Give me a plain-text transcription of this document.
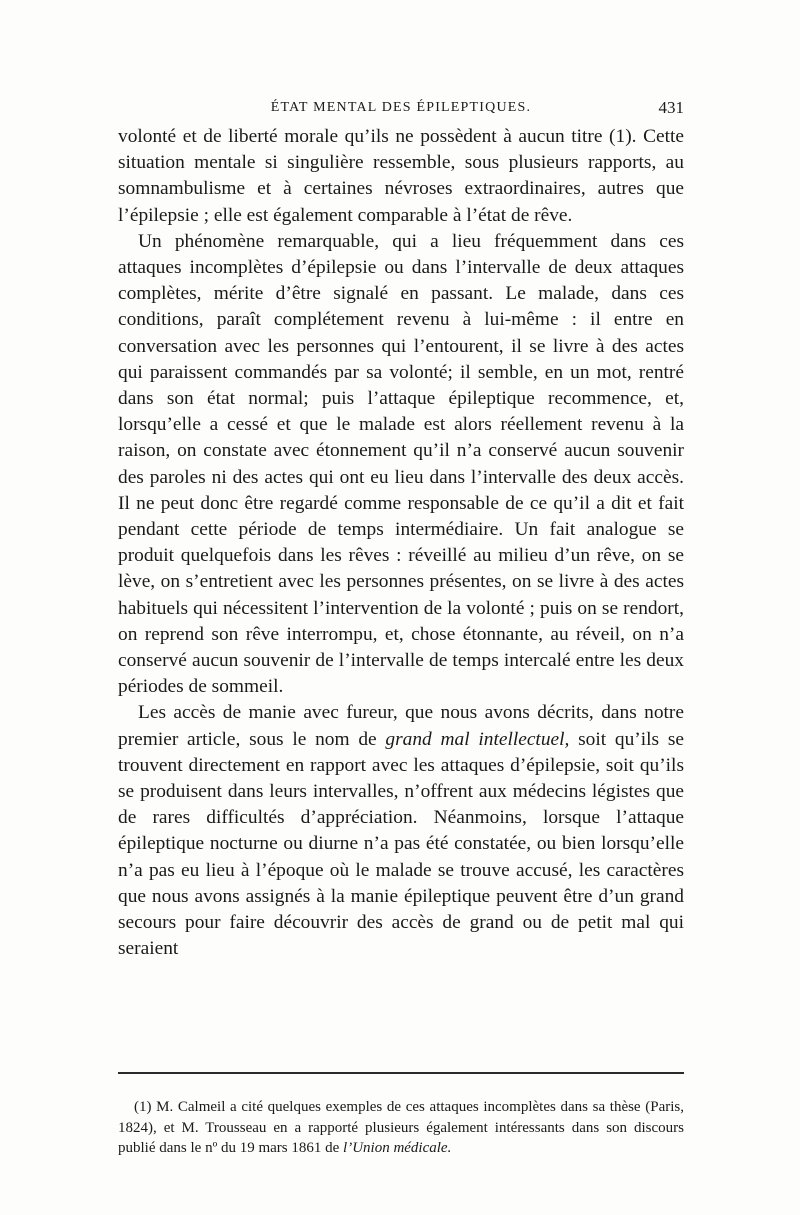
ÉTAT MENTAL DES ÉPILEPTIQUES.	431

volonté et de liberté morale qu’ils ne possèdent à aucun titre (1). Cette situation mentale si singulière ressemble, sous plusieurs rapports, au somnambulisme et à certaines névroses extraordinaires, autres que l’épilepsie ; elle est également comparable à l’état de rêve.

Un phénomène remarquable, qui a lieu fréquemment dans ces attaques incomplètes d’épilepsie ou dans l’intervalle de deux attaques complètes, mérite d’être signalé en passant. Le malade, dans ces conditions, paraît complétement revenu à lui-même : il entre en conversation avec les personnes qui l’entourent, il se livre à des actes qui paraissent commandés par sa volonté; il semble, en un mot, rentré dans son état normal; puis l’attaque épileptique recommence, et, lorsqu’elle a cessé et que le malade est alors réellement revenu à la raison, on constate avec étonnement qu’il n’a conservé aucun souvenir des paroles ni des actes qui ont eu lieu dans l’intervalle des deux accès. Il ne peut donc être regardé comme responsable de ce qu’il a dit et fait pendant cette période de temps intermédiaire. Un fait analogue se produit quelquefois dans les rêves : réveillé au milieu d’un rêve, on se lève, on s’entretient avec les personnes présentes, on se livre à des actes habituels qui nécessitent l’intervention de la volonté ; puis on se rendort, on reprend son rêve interrompu, et, chose étonnante, au réveil, on n’a conservé aucun souvenir de l’intervalle de temps intercalé entre les deux périodes de sommeil.

Les accès de manie avec fureur, que nous avons décrits, dans notre premier article, sous le nom de grand mal intellectuel, soit qu’ils se trouvent directement en rapport avec les attaques d’épilepsie, soit qu’ils se produisent dans leurs intervalles, n’offrent aux médecins légistes que de rares difficultés d’appréciation. Néanmoins, lorsque l’attaque épileptique nocturne ou diurne n’a pas été constatée, ou bien lorsqu’elle n’a pas eu lieu à l’époque où le malade se trouve accusé, les caractères que nous avons assignés à la manie épileptique peuvent être d’un grand secours pour faire découvrir des accès de grand ou de petit mal qui seraient

(1) M. Calmeil a cité quelques exemples de ces attaques incomplètes dans sa thèse (Paris, 1824), et M. Trousseau en a rapporté plusieurs également intéressants dans son discours publié dans le nº du 19 mars 1861 de l’Union médicale.
